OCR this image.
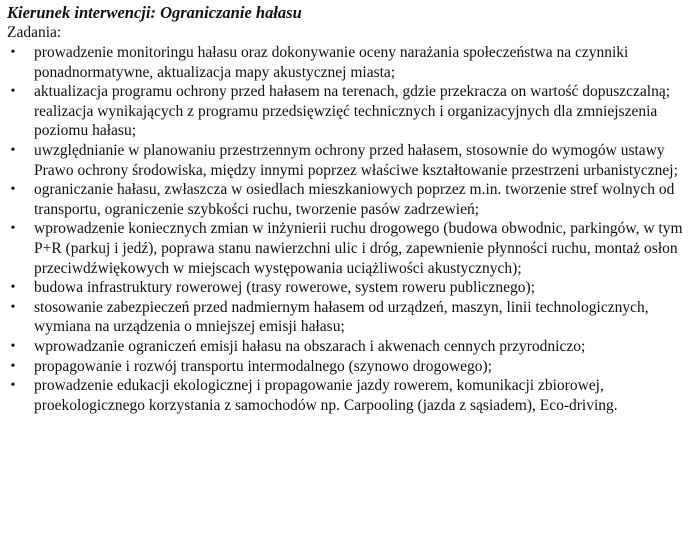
Kierunek interwencji: Ograniczanie hałasu

Zadania:

• prowadzenie monitoringu hałasu oraz dokonywanie oceny narażania społeczeństwa na czynniki ponadnormatywne, aktualizacja mapy akustycznej miasta;
• aktualizacja programu ochrony przed hałasem na terenach, gdzie przekracza on wartość dopuszczalną; realizacja wynikających z programu przedsięwzięć technicznych i organizacyjnych dla zmniejszenia poziomu hałasu;
• uwzględnianie w planowaniu przestrzennym ochrony przed hałasem, stosownie do wymogów ustawy Prawo ochrony środowiska, między innymi poprzez właściwe kształtowanie przestrzeni urbanistycznej;
• ograniczanie hałasu, zwłaszcza w osiedlach mieszkaniowych poprzez m.in. tworzenie stref wolnych od transportu, ograniczenie szybkości ruchu, tworzenie pasów zadrzewień;
• wprowadzenie koniecznych zmian w inżynierii ruchu drogowego (budowa obwodnic, parkingów, w tym P+R (parkuj i jedź), poprawa stanu nawierzchni ulic i dróg, zapewnienie płynności ruchu, montaż osłon przeciwdźwiękowych w miejscach występowania uciążliwości akustycznych);
• budowa infrastruktury rowerowej (trasy rowerowe, system roweru publicznego);
• stosowanie zabezpieczeń przed nadmiernym hałasem od urządzeń, maszyn, linii technologicznych, wymiana na urządzenia o mniejszej emisji hałasu;
• wprowadzanie ograniczeń emisji hałasu na obszarach i akwenach cennych przyrodniczo;
• propagowanie i rozwój transportu intermodalnego (szynowo drogowego);
• prowadzenie edukacji ekologicznej i propagowanie jazdy rowerem, komunikacji zbiorowej, proekologicznego korzystania z samochodów np. Carpooling (jazda z sąsiadem), Eco-driving.
